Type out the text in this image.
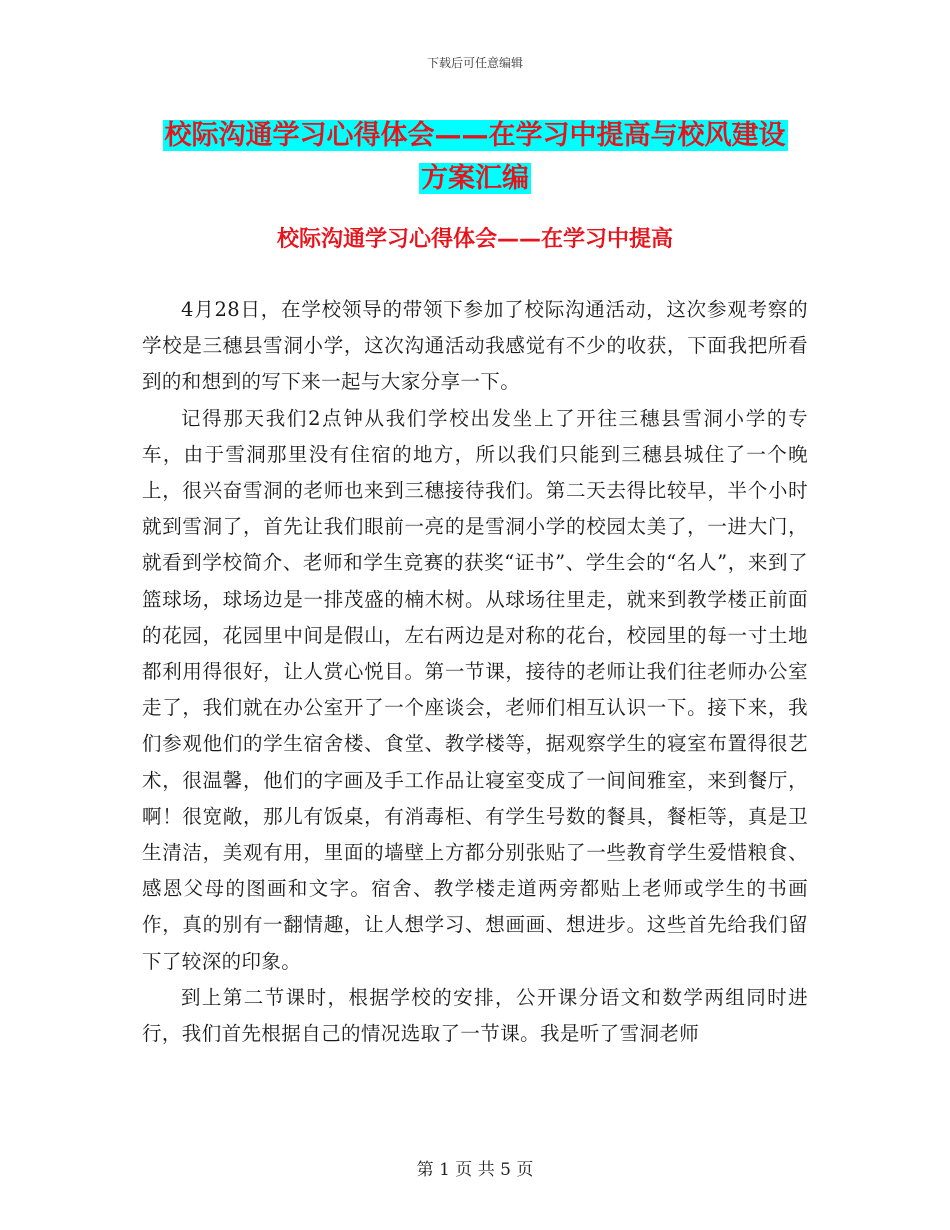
下载后可任意编辑
校际沟通学习心得体会——在学习中提高与校风建设
方案汇编
校际沟通学习心得体会——在学习中提高

4月28日，在学校领导的带领下参加了校际沟通活动，这次参观考察的学校是三穗县雪洞小学，这次沟通活动我感觉有不少的收获，下面我把所看到的和想到的写下来一起与大家分享一下。

记得那天我们2点钟从我们学校出发坐上了开往三穗县雪洞小学的专车，由于雪洞那里没有住宿的地方，所以我们只能到三穗县城住了一个晚上，很兴奋雪洞的老师也来到三穗接待我们。第二天去得比较早，半个小时就到雪洞了，首先让我们眼前一亮的是雪洞小学的校园太美了，一进大门，就看到学校简介、老师和学生竞赛的获奖“证书”、学生会的“名人”，来到了篮球场，球场边是一排茂盛的楠木树。从球场往里走，就来到教学楼正前面的花园，花园里中间是假山，左右两边是对称的花台，校园里的每一寸土地都利用得很好，让人赏心悦目。第一节课，接待的老师让我们往老师办公室走了，我们就在办公室开了一个座谈会，老师们相互认识一下。接下来，我们参观他们的学生宿舍楼、食堂、教学楼等，据观察学生的寝室布置得很艺术，很温馨，他们的字画及手工作品让寝室变成了一间间雅室，来到餐厅，啊！很宽敞，那儿有饭桌，有消毒柜、有学生号数的餐具，餐柜等，真是卫生清洁，美观有用，里面的墙壁上方都分别张贴了一些教育学生爱惜粮食、感恩父母的图画和文字。宿舍、教学楼走道两旁都贴上老师或学生的书画作，真的别有一翻情趣，让人想学习、想画画、想进步。这些首先给我们留下了较深的印象。

到上第二节课时，根据学校的安排，公开课分语文和数学两组同时进行，我们首先根据自己的情况选取了一节课。我是听了雪洞老师

第 1 页 共 5 页
